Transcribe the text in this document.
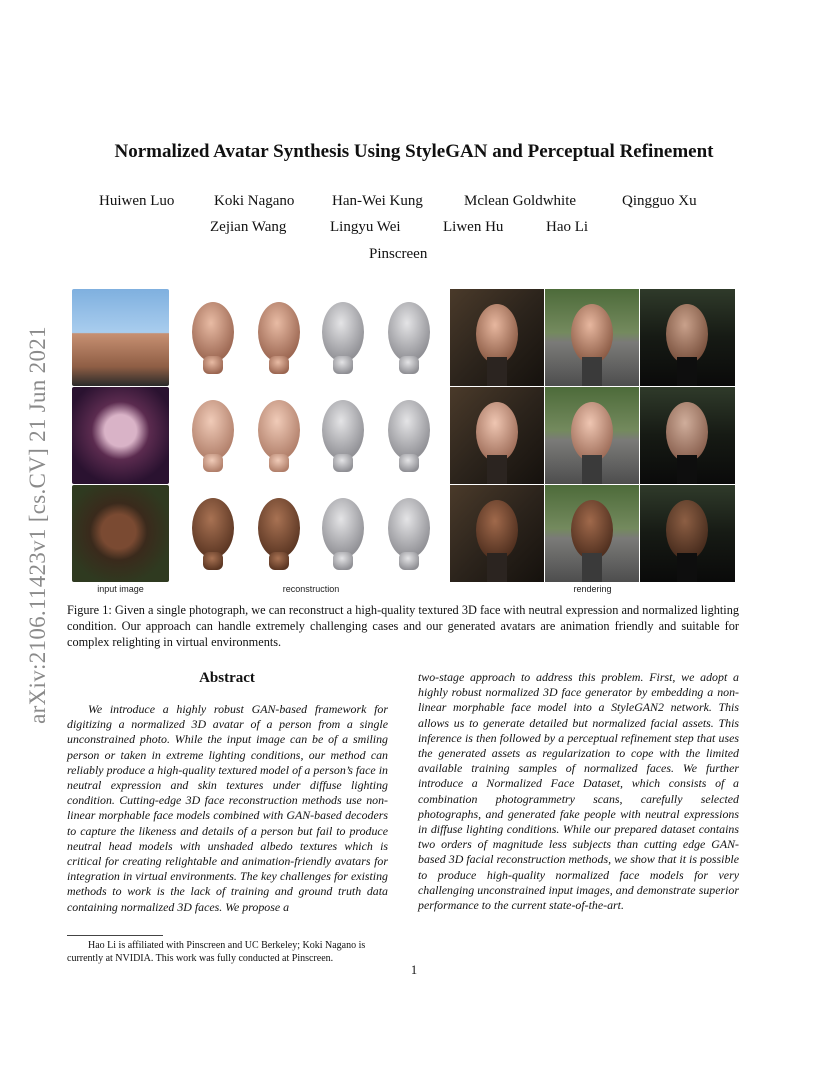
arXiv:2106.11423v1 [cs.CV] 21 Jun 2021
Normalized Avatar Synthesis Using StyleGAN and Perceptual Refinement
Huiwen Luo	Koki Nagano	Han-Wei Kung	Mclean Goldwhite	Qingguo Xu
Zejian Wang	Lingyu Wei	Liwen Hu	Hao Li
Pinscreen
input image	reconstruction	rendering
Figure 1: Given a single photograph, we can reconstruct a high-quality textured 3D face with neutral expression and normalized lighting condition. Our approach can handle extremely challenging cases and our generated avatars are animation friendly and suitable for complex relighting in virtual environments.
Abstract

We introduce a highly robust GAN-based framework for digitizing a normalized 3D avatar of a person from a single unconstrained photo. While the input image can be of a smiling person or taken in extreme lighting conditions, our method can reliably produce a high-quality textured model of a person’s face in neutral expression and skin textures under diffuse lighting condition. Cutting-edge 3D face reconstruction methods use non-linear morphable face models combined with GAN-based decoders to capture the likeness and details of a person but fail to produce neutral head models with unshaded albedo textures which is critical for creating relightable and animation-friendly avatars for integration in virtual environments. The key challenges for existing methods to work is the lack of training and ground truth data containing normalized 3D faces. We propose a

two-stage approach to address this problem. First, we adopt a highly robust normalized 3D face generator by embedding a non-linear morphable face model into a StyleGAN2 network. This allows us to generate detailed but normalized facial assets. This inference is then followed by a perceptual refinement step that uses the generated assets as regularization to cope with the limited available training samples of normalized faces. We further introduce a Normalized Face Dataset, which consists of a combination photogrammetry scans, carefully selected photographs, and generated fake people with neutral expressions in diffuse lighting conditions. While our prepared dataset contains two orders of magnitude less subjects than cutting edge GAN-based 3D facial reconstruction methods, we show that it is possible to produce high-quality normalized face models for very challenging unconstrained input images, and demonstrate superior performance to the current state-of-the-art.

Hao Li is affiliated with Pinscreen and UC Berkeley; Koki Nagano is currently at NVIDIA. This work was fully conducted at Pinscreen.
1
